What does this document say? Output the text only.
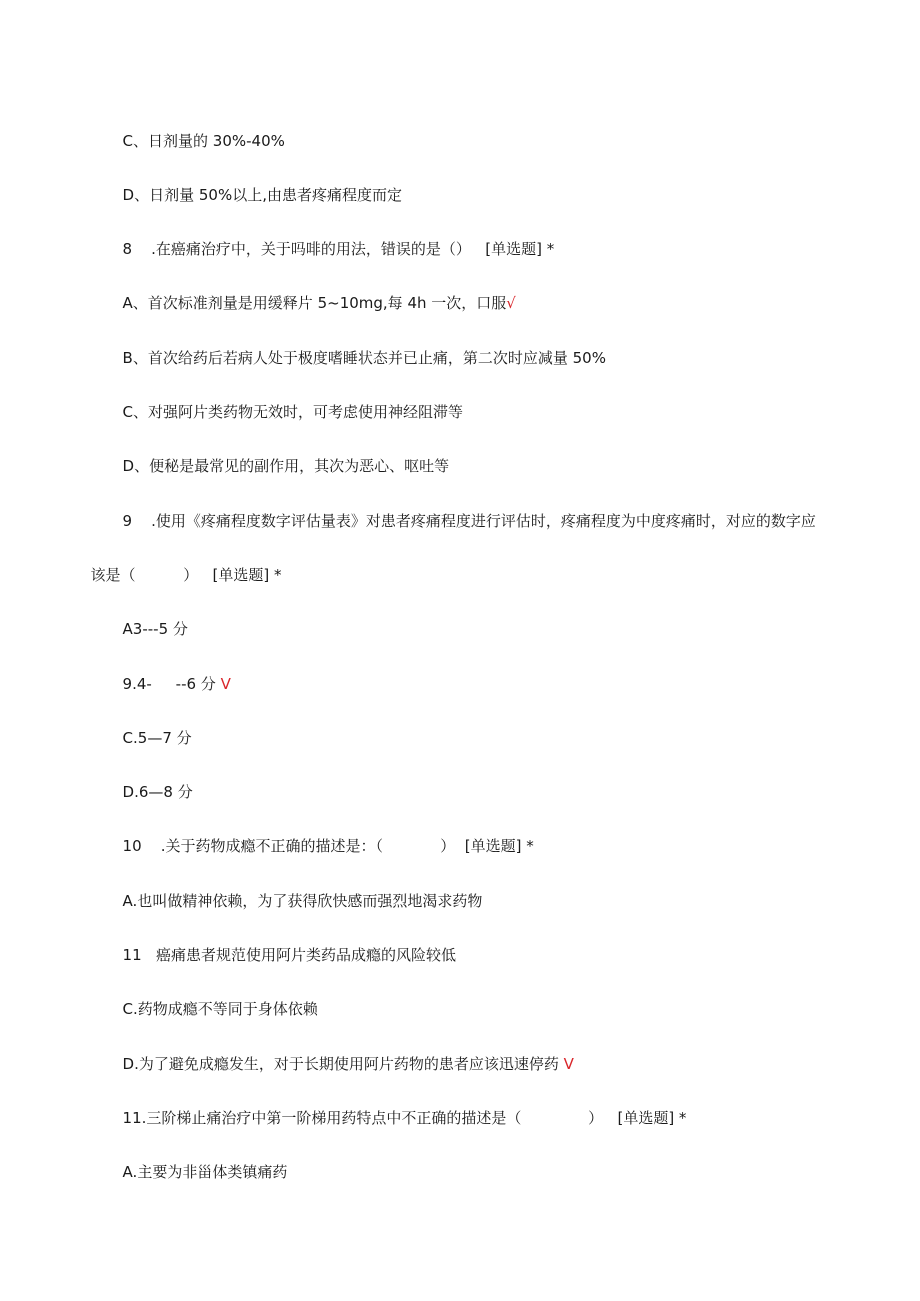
C、日剂量的 30%-40%

D、日剂量 50%以上,由患者疼痛程度而定

8    .在癌痛治疗中，关于吗啡的用法，错误的是（）   [单选题] *

A、首次标准剂量是用缓释片 5~10mg,每 4h 一次，口服√

B、首次给药后若病人处于极度嗜睡状态并已止痛，第二次时应减量 50%

C、对强阿片类药物无效时，可考虑使用神经阻滞等

D、便秘是最常见的副作用，其次为恶心、呕吐等

9    .使用《疼痛程度数字评估量表》对患者疼痛程度进行评估时，疼痛程度为中度疼痛时，对应的数字应

该是（          ）   [单选题] *

A3---5 分

9.4-     --6 分 V

C.5—7 分

D.6—8 分

10    .关于药物成瘾不正确的描述是：（            ）  [单选题] *

A.也叫做精神依赖，为了获得欣快感而强烈地渴求药物

11   癌痛患者规范使用阿片类药品成瘾的风险较低

C.药物成瘾不等同于身体依赖

D.为了避免成瘾发生，对于长期使用阿片药物的患者应该迅速停药 V

11.三阶梯止痛治疗中第一阶梯用药特点中不正确的描述是（              ）   [单选题] *

A.主要为非甾体类镇痛药
